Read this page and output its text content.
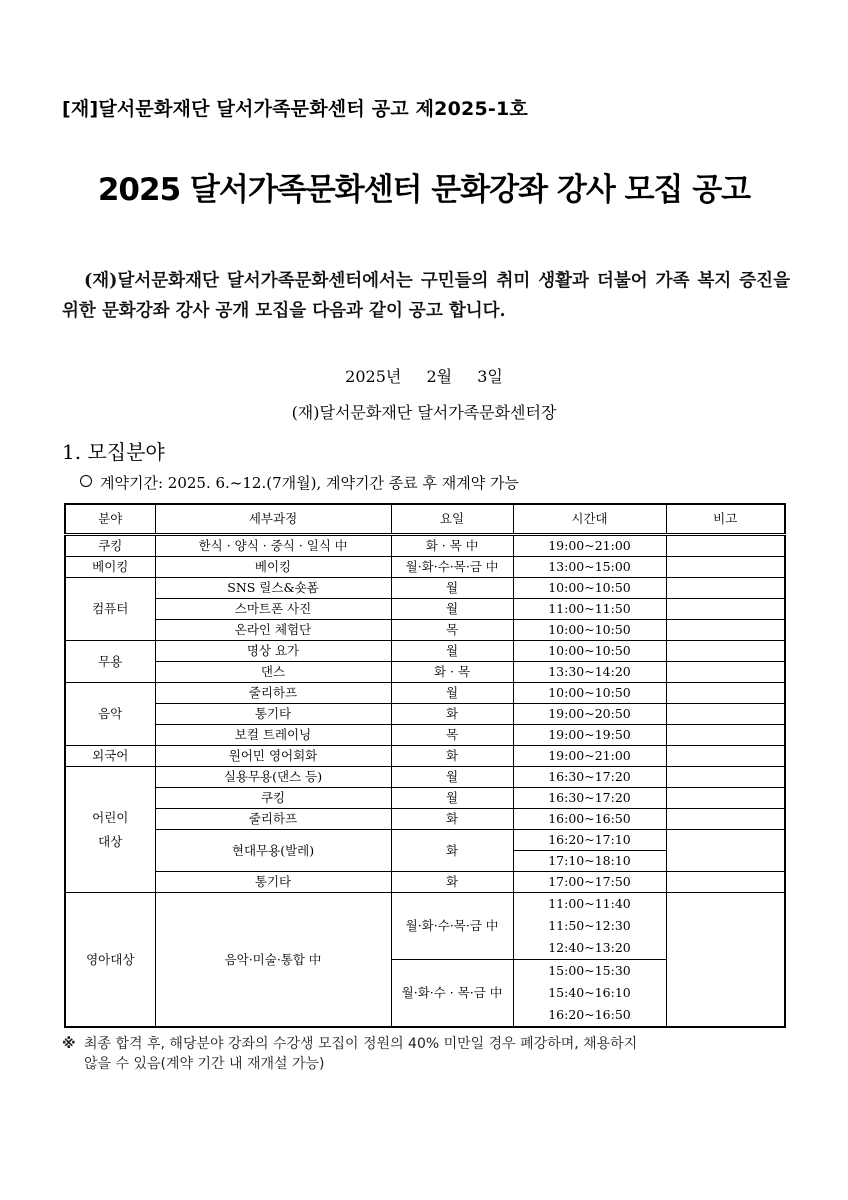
[재]달서문화재단 달서가족문화센터 공고 제2025-1호
2025 달서가족문화센터 문화강좌 강사 모집 공고
(재)달서문화재단 달서가족문화센터에서는 구민들의 취미 생활과 더불어 가족 복지 증진을 위한 문화강좌 강사 공개 모집을 다음과 같이 공고 합니다.
2025년 2월 3일
(재)달서문화재단 달서가족문화센터장
1. 모집분야
계약기간: 2025. 6.~12.(7개월), 계약기간 종료 후 재계약 가능
분야	세부과정	요일	시간대	비고
쿠킹	한식 · 양식 · 중식 · 일식 中	화 · 목 中	19:00~21:00	
베이킹	베이킹	월·화·수·목·금 中	13:00~15:00	
컴퓨터	SNS 릴스&숏폼	월	10:00~10:50	
	스마트폰 사진	월	11:00~11:50	
	온라인 체험단	목	10:00~10:50	
무용	명상 요가	월	10:00~10:50	
	댄스	화 · 목	13:30~14:20	
음악	줄리하프	월	10:00~10:50	
	통기타	화	19:00~20:50	
	보컬 트레이닝	목	19:00~19:50	
외국어	원어민 영어회화	화	19:00~21:00	
어린이
대상	실용무용(댄스 등)	월	16:30~17:20	
	쿠킹	월	16:30~17:20	
	줄리하프	화	16:00~16:50	
	현대무용(발레)	화	16:20~17:10	
			17:10~18:10	
	통기타	화	17:00~17:50	
영아대상	음악·미술·통합 中	월·화·수·목·금 中	11:00~11:40
11:50~12:30
12:40~13:20	

		월·화·수 · 목·금 中	15:00~15:30
15:40~16:10
16:20~16:50	
※ 최종 합격 후, 해당분야 강좌의 수강생 모집이 정원의 40% 미만일 경우 폐강하며, 채용하지
않을 수 있음(계약 기간 내 재개설 가능)
